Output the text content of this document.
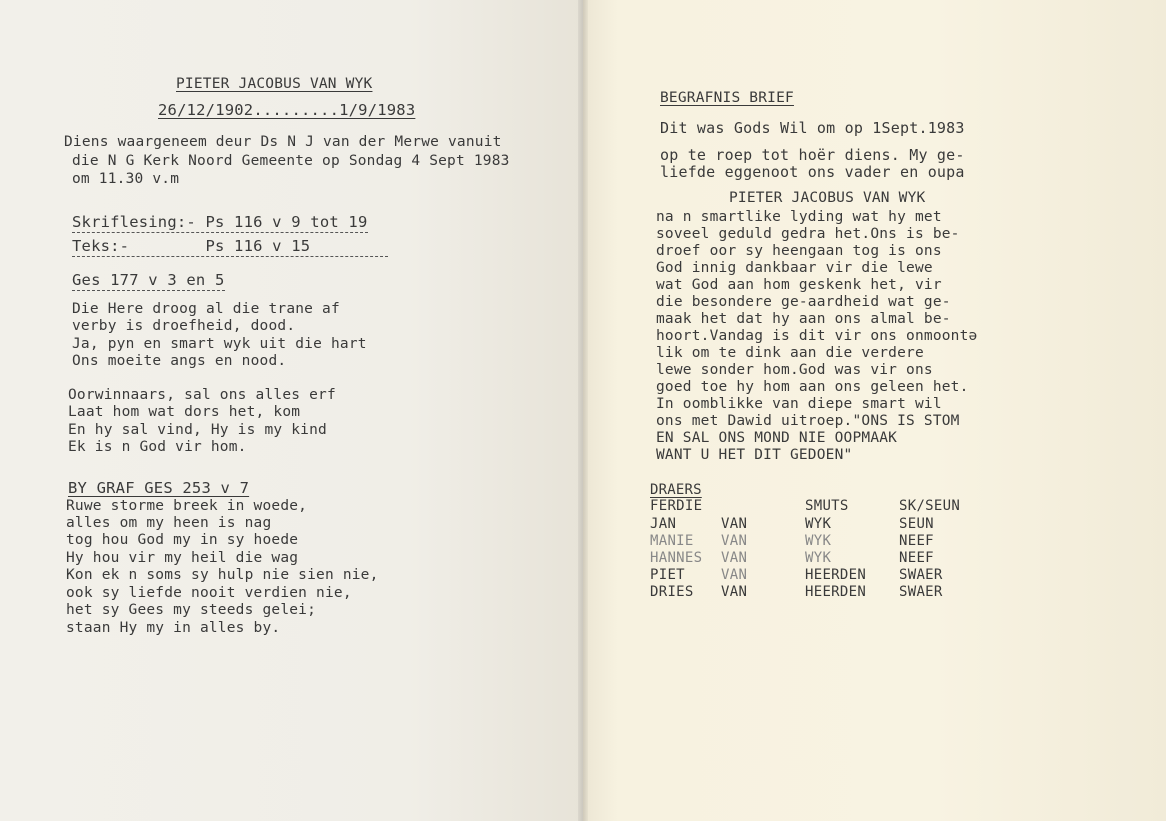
PIETER JACOBUS VAN WYK
26/12/1902.........1/9/1983
Diens waargeneem deur Ds N J van der Merwe vanuit
die N G Kerk Noord Gemeente op Sondag 4 Sept 1983
om 11.30 v.m
Skriflesing:- Ps 116 v 9 tot 19
Teks:-        Ps 116 v 15
Ges 177 v 3 en 5
Die Here droog al die trane af
verby is droefheid, dood.
Ja, pyn en smart wyk uit die hart
Ons moeite angs en nood.
Oorwinnaars, sal ons alles erf
Laat hom wat dors het, kom
En hy sal vind, Hy is my kind
Ek is n God vir hom.
BY GRAF GES 253 v 7
Ruwe storme breek in woede,
alles om my heen is nag
tog hou God my in sy hoede
Hy hou vir my heil die wag
Kon ek n soms sy hulp nie sien nie,
ook sy liefde nooit verdien nie,
het sy Gees my steeds gelei;
staan Hy my in alles by.
BEGRAFNIS BRIEF
Dit was Gods Wil om op 1Sept.1983
op te roep tot hoër diens. My ge-
liefde eggenoot ons vader en oupa
PIETER JACOBUS VAN WYK
na n smartlike lyding wat hy met
soveel geduld gedra het.Ons is be-
droef oor sy heengaan tog is ons
God innig dankbaar vir die lewe
wat God aan hom geskenk het, vir
die besondere ge-aardheid wat ge-
maak het dat hy aan ons almal be-
hoort.Vandag is dit vir ons onmoontə
lik om te dink aan die verdere
lewe sonder hom.God was vir ons
goed toe hy hom aan ons geleen het.
In oomblikke van diepe smart wil
ons met Dawid uitroep."ONS IS STOM
EN SAL ONS MOND NIE OOPMAAK
WANT U HET DIT GEDOEN"
DRAERS
FERDIE	SMUTS	SK/SEUN
JAN	VAN	WYK	SEUN
MANIE VAN	WYK	NEEF
HANNES VAN	WYK	NEEF
PIET	VAN	HEERDEN SWAER
DRIES VAN	HEERDEN SWAER
